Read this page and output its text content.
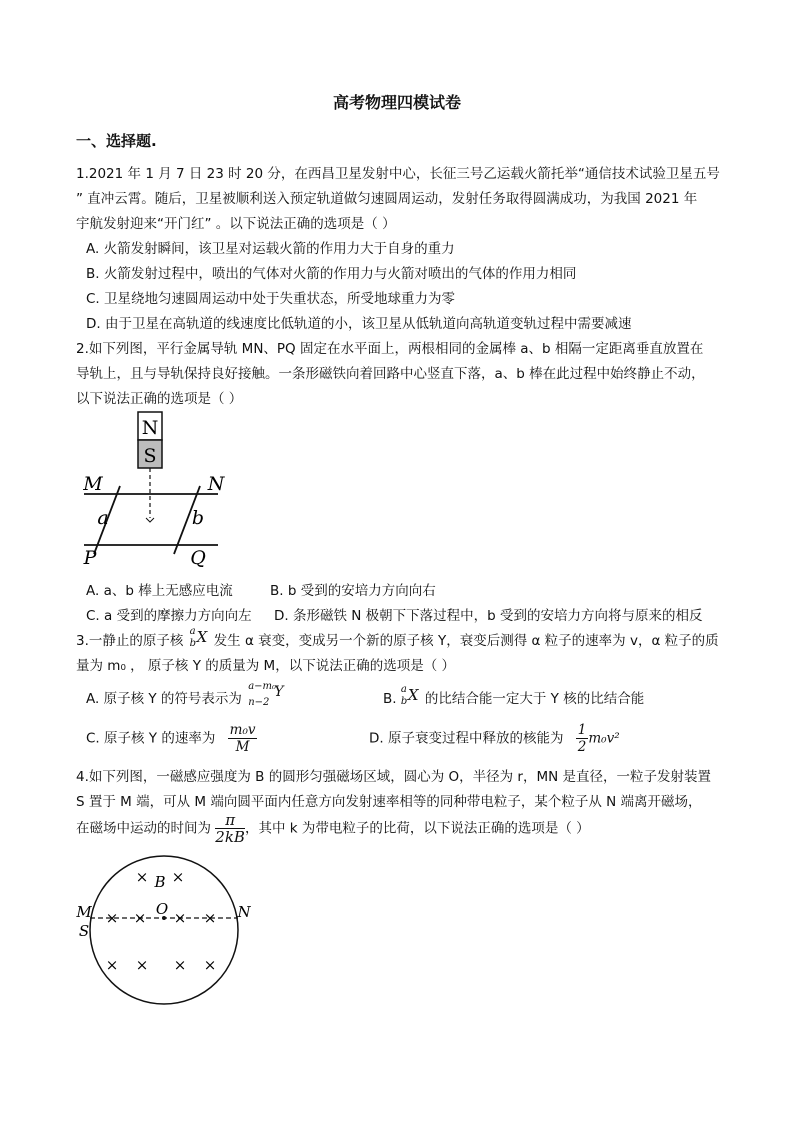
高考物理四模试卷
一、选择题.
1.2021 年 1 月 7 日 23 时 20 分，在西昌卫星发射中心，长征三号乙运载火箭托举“通信技术试验卫星五号
” 直冲云霄。随后，卫星被顺利送入预定轨道做匀速圆周运动，发射任务取得圆满成功，为我国 2021 年
宇航发射迎来“开门红” 。以下说法正确的选项是（ ）
A. 火箭发射瞬间，该卫星对运载火箭的作用力大于自身的重力
B. 火箭发射过程中，喷出的气体对火箭的作用力与火箭对喷出的气体的作用力相同
C. 卫星绕地匀速圆周运动中处于失重状态，所受地球重力为零
D. 由于卫星在高轨道的线速度比低轨道的小，该卫星从低轨道向高轨道变轨过程中需要减速
2.如下列图，平行金属导轨 MN、PQ 固定在水平面上，两根相同的金属棒 a、b 相隔一定距离垂直放置在
导轨上，且与导轨保持良好接触。一条形磁铁向着回路中心竖直下落，a、b 棒在此过程中始终静止不动，
以下说法正确的选项是（ ）
N
S
M	N
a	b
P	Q
A. a、b 棒上无感应电流	B. b 受到的安培力方向向右
C. a 受到的摩擦力方向向左 D. 条形磁铁 N 极朝下下落过程中，b 受到的安培力方向将与原来的相反
3.一静止的原子核
a
b X 发生 α 衰变，变成另一个新的原子核 Y，衰变后测得 α 粒子的速率为 v，α 粒子的质
量为 m₀ ， 原子核 Y 的质量为 M，以下说法正确的选项是（ ）
A. 原子核 Y 的符号表示为
a−m₀
n−2
Y	B.
a
b X 的比结合能一定大于 Y 核的比结合能
C. 原子核 Y 的速率为 $\frac{\text{m₀v}}{M}$	D. 原子衰变过程中释放的核能为 $\frac{1}{2} m_0v^2$
4.如下列图，一磁感应强度为 B 的圆形匀强磁场区域，圆心为 O，半径为 r，MN 是直径，一粒子发射装置
S 置于 M 端，可从 M 端向圆平面内任意方向发射速率相等的同种带电粒子，某个粒子从 N 端离开磁场，
在磁场中运动的时间为 $\frac{\pi}{2kB}$ ，其中 k 为带电粒子的比荷，以下说法正确的选项是（ ）
× ×
× × × ×
× × × ×
B
O
M
S
N
